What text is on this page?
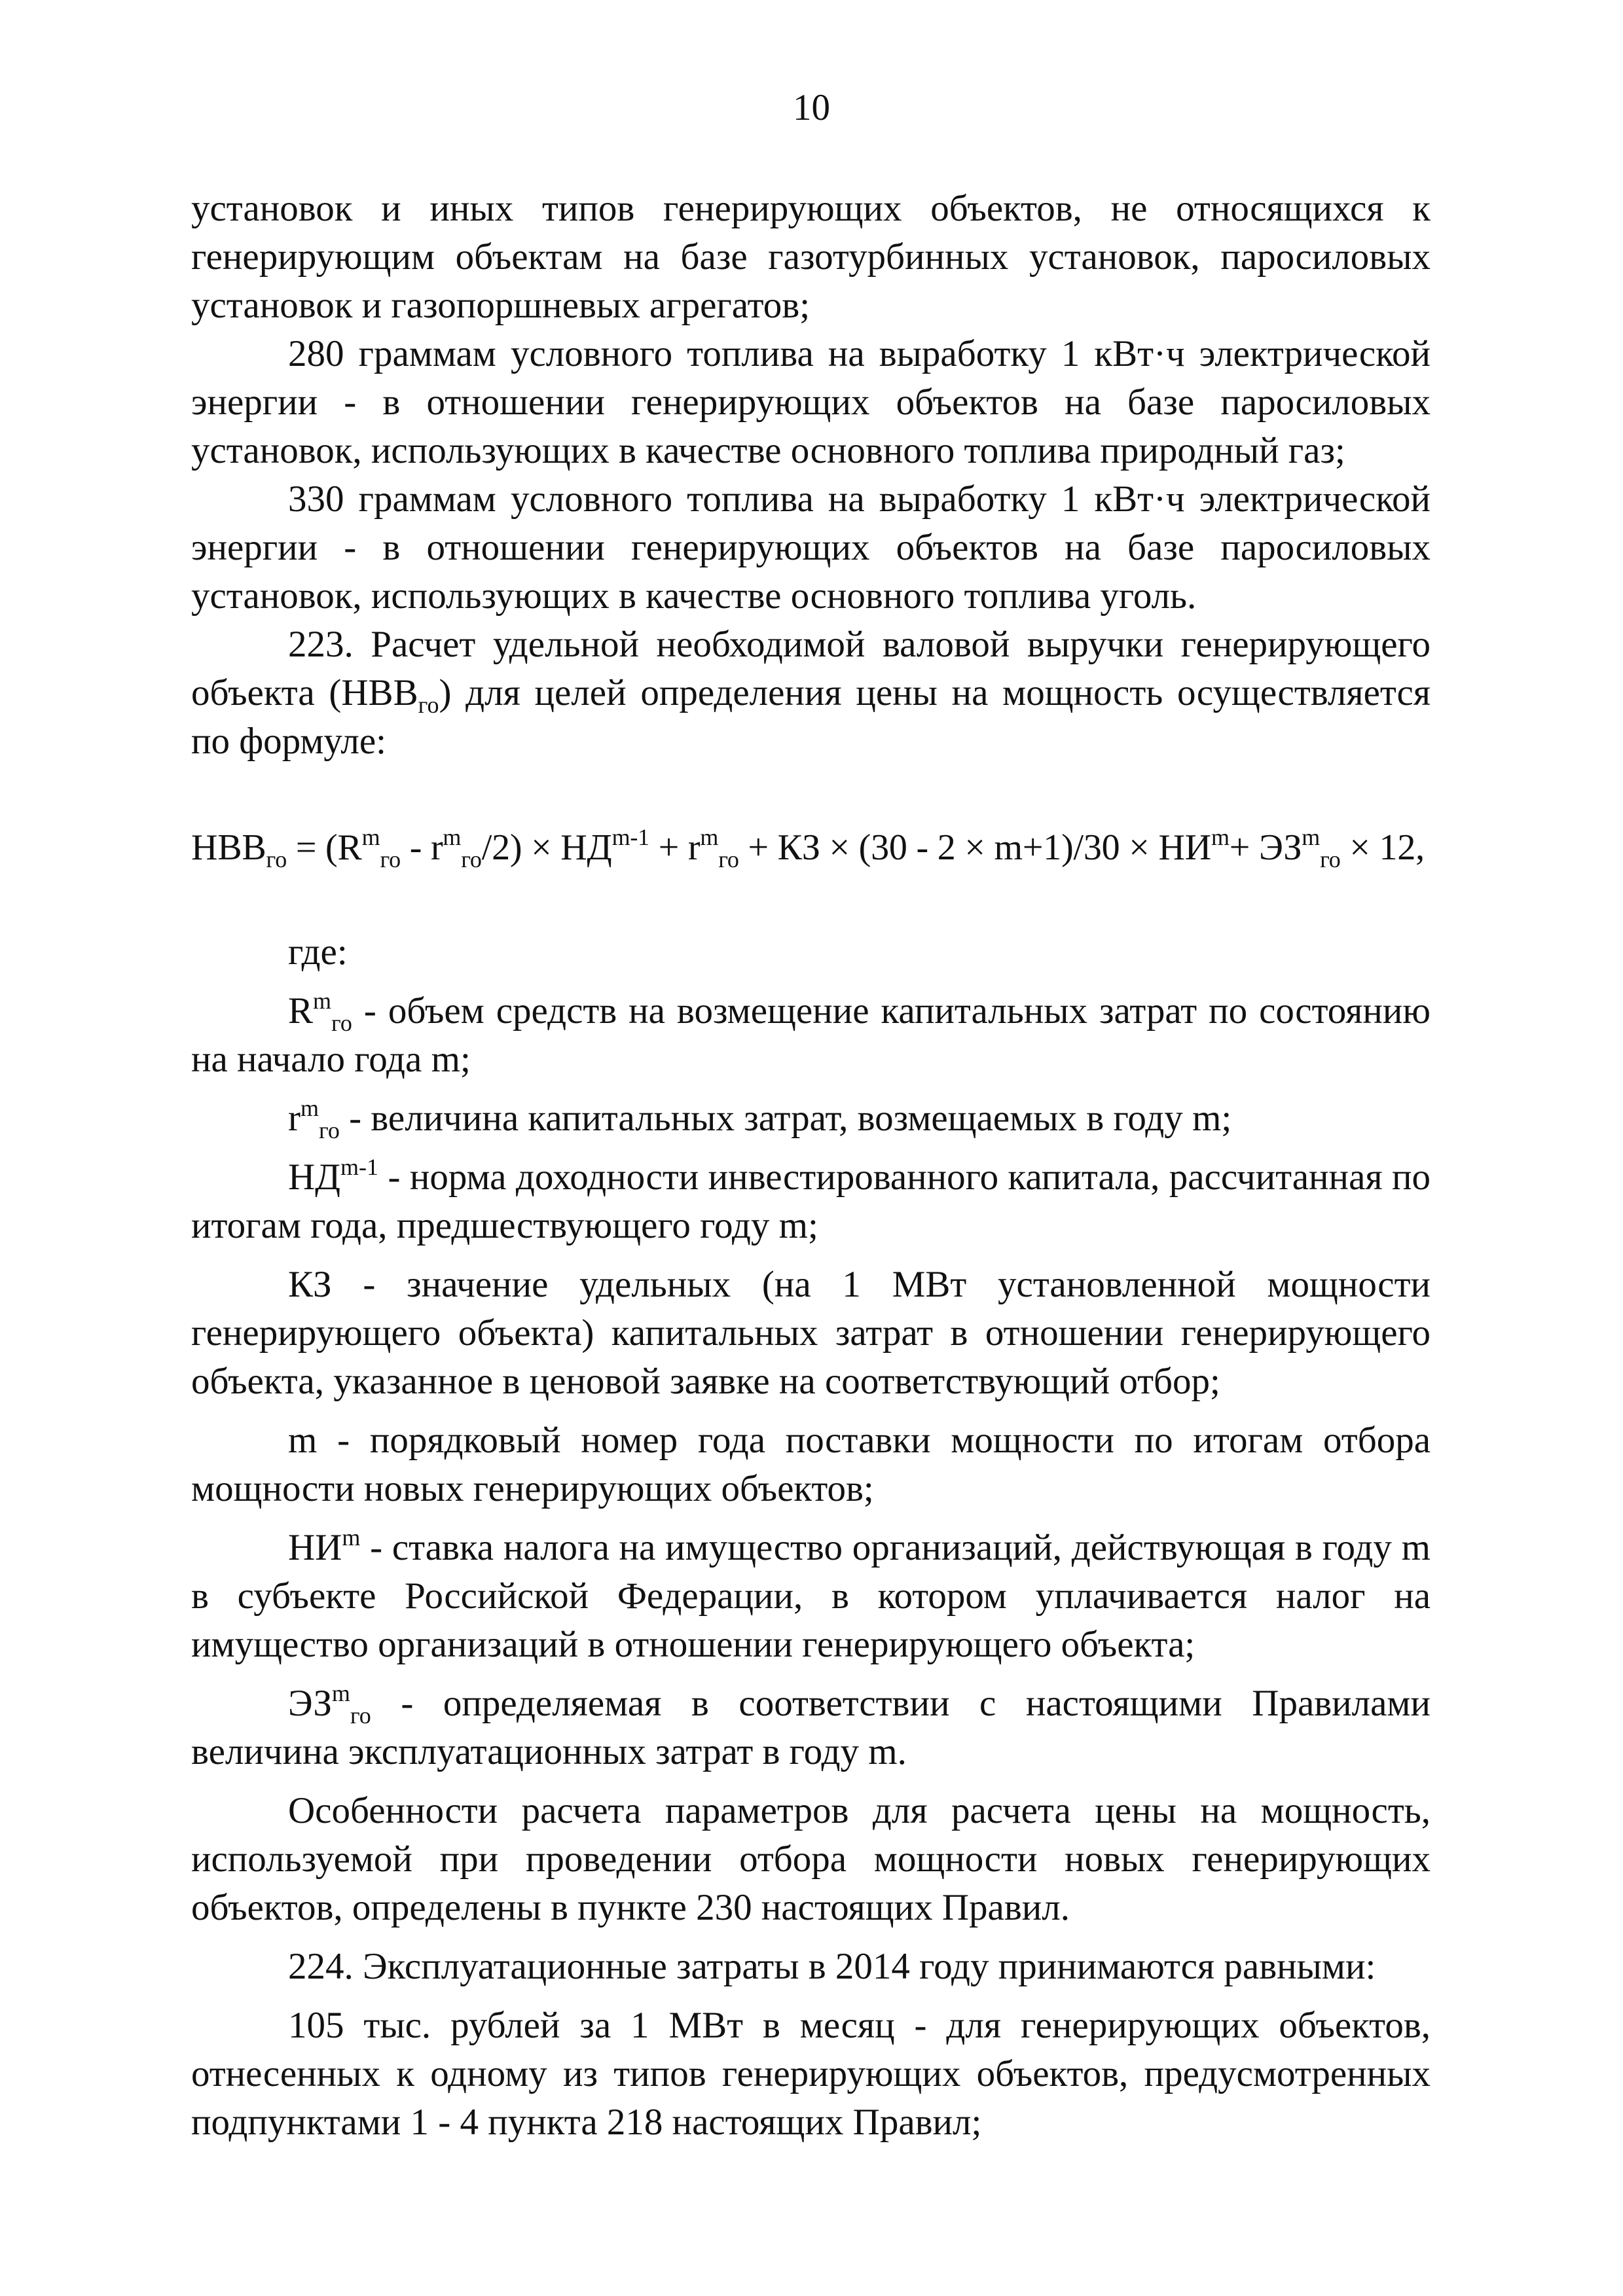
10

установок и иных типов генерирующих объектов, не относящихся к генерирующим объектам на базе газотурбинных установок, паросиловых установок и газопоршневых агрегатов;

280 граммам условного топлива на выработку 1 кВт·ч электрической энергии - в отношении генерирующих объектов на базе паросиловых установок, использующих в качестве основного топлива природный газ;

330 граммам условного топлива на выработку 1 кВт·ч электрической энергии - в отношении генерирующих объектов на базе паросиловых установок, использующих в качестве основного топлива уголь.

223. Расчет удельной необходимой валовой выручки генерирующего объекта $(НВВ_{го})$ для целей определения цены на мощность осуществляется по формуле:

$НВВ_{го} = (R^m_{го} - r^m_{го}/2) \times НД^{m-1} + r^m_{го}$ + КЗ × $(30 - 2 \times m+1)/30 \times НИ^m+ ЭЗ^m_{го} \times 12$,

где:

$R^m_{го}$ - объем средств на возмещение капитальных затрат по состоянию на начало года m;

$r^m_{го}$ - величина капитальных затрат, возмещаемых в году m;

НД$^{m-1}$ - норма доходности инвестированного капитала, рассчитанная по итогам года, предшествующего году m;

КЗ - значение удельных (на 1 МВт установленной мощности генерирующего объекта) капитальных затрат в отношении генерирующего объекта, указанное в ценовой заявке на соответствующий отбор;

m - порядковый номер года поставки мощности по итогам отбора мощности новых генерирующих объектов;

$НИ^m$ - ставка налога на имущество организаций, действующая в году m в субъекте Российской Федерации, в котором уплачивается налог на имущество организаций в отношении генерирующего объекта;

$ЭЗ^m_{го}$ - определяемая в соответствии с настоящими Правилами величина эксплуатационных затрат в году m.

Особенности расчета параметров для расчета цены на мощность, используемой при проведении отбора мощности новых генерирующих объектов, определены в пункте 230 настоящих Правил.

224. Эксплуатационные затраты в 2014 году принимаются равными:

105 тыс. рублей за 1 МВт в месяц - для генерирующих объектов, отнесенных к одному из типов генерирующих объектов, предусмотренных подпунктами 1 - 4 пункта 218 настоящих Правил;
